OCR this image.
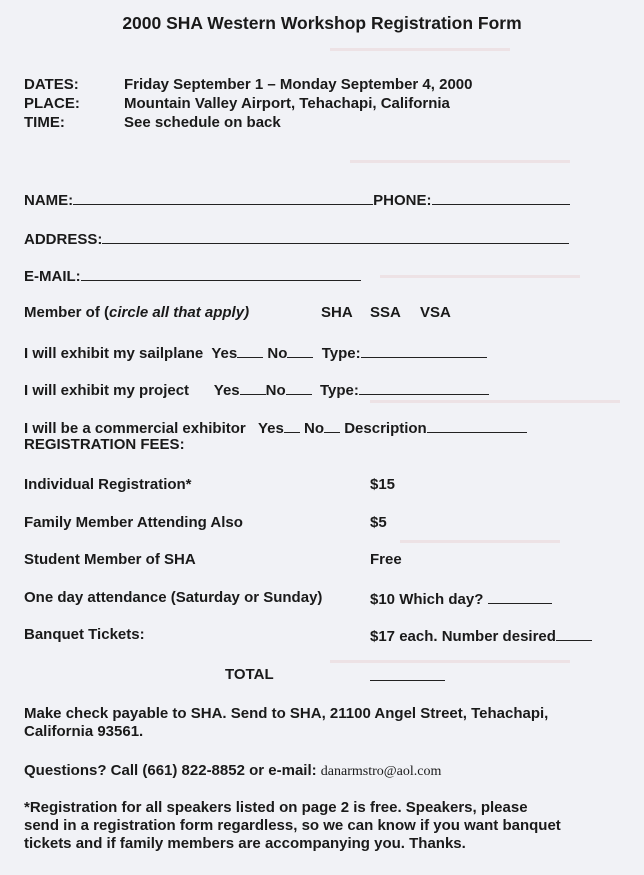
2000 SHA Western Workshop Registration Form
DATES:	Friday September 1 – Monday September 4, 2000
PLACE:	Mountain Valley Airport, Tehachapi, California
TIME:	See schedule on back
NAME:	PHONE:
ADDRESS:
E-MAIL:
Member of (circle all that apply)	SHA SSA VSA
I will exhibit my sailplane Yes No Type:
I will exhibit my project Yes No Type:
I will be a commercial exhibitor Yes No Description
REGISTRATION FEES:
Individual Registration*	$15
Family Member Attending Also	$5
Student Member of SHA	Free
One day attendance (Saturday or Sunday)	$10 Which day?
Banquet Tickets:	$17 each. Number desired
TOTAL
Make check payable to SHA. Send to SHA, 21100 Angel Street, Tehachapi,
California 93561.
Questions? Call (661) 822-8852 or e-mail: danarmstro@aol.com
*Registration for all speakers listed on page 2 is free. Speakers, please
send in a registration form regardless, so we can know if you want banquet
tickets and if family members are accompanying you. Thanks.
